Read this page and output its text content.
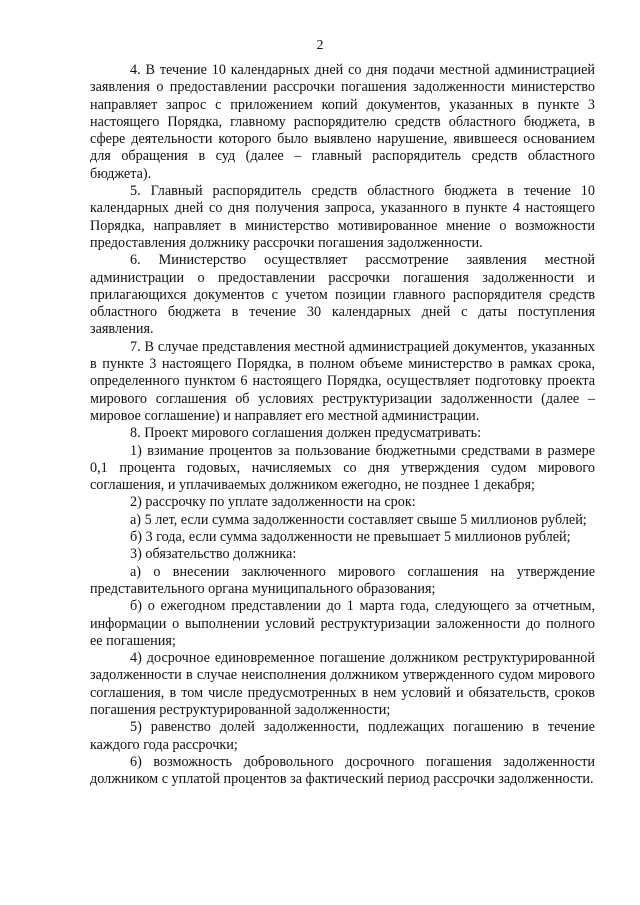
2

4. В течение 10 календарных дней со дня подачи местной администрацией заявления о предоставлении рассрочки погашения задолженности министерство направляет запрос с приложением копий документов, указанных в пункте 3 настоящего Порядка, главному распорядителю средств областного бюджета, в сфере деятельности которого было выявлено нарушение, явившееся основанием для обращения в суд (далее – главный распорядитель средств областного бюджета).

5. Главный распорядитель средств областного бюджета в течение 10 календарных дней со дня получения запроса, указанного в пункте 4 настоящего Порядка, направляет в министерство мотивированное мнение о возможности предоставления должнику рассрочки погашения задолженности.

6. Министерство осуществляет рассмотрение заявления местной администрации о предоставлении рассрочки погашения задолженности и прилагающихся документов с учетом позиции главного распорядителя средств областного бюджета в течение 30 календарных дней с даты поступления заявления.

7. В случае представления местной администрацией документов, указанных в пункте 3 настоящего Порядка, в полном объеме министерство в рамках срока, определенного пунктом 6 настоящего Порядка, осуществляет подготовку проекта мирового соглашения об условиях реструктуризации задолженности (далее – мировое соглашение) и направляет его местной администрации.

8. Проект мирового соглашения должен предусматривать:

1) взимание процентов за пользование бюджетными средствами в размере 0,1 процента годовых, начисляемых со дня утверждения судом мирового соглашения, и уплачиваемых должником ежегодно, не позднее 1 декабря;

2) рассрочку по уплате задолженности на срок:

а) 5 лет, если сумма задолженности составляет свыше 5 миллионов рублей;

б) 3 года, если сумма задолженности не превышает 5 миллионов рублей;

3) обязательство должника:

а) о внесении заключенного мирового соглашения на утверждение представительного органа муниципального образования;

б) о ежегодном представлении до 1 марта года, следующего за отчетным, информации о выполнении условий реструктуризации заложенности до полного ее погашения;

4) досрочное единовременное погашение должником реструктурированной задолженности в случае неисполнения должником утвержденного судом мирового соглашения, в том числе предусмотренных в нем условий и обязательств, сроков погашения реструктурированной задолженности;

5) равенство долей задолженности, подлежащих погашению в течение каждого года рассрочки;

6) возможность добровольного досрочного погашения задолженности должником с уплатой процентов за фактический период рассрочки задолженности.
